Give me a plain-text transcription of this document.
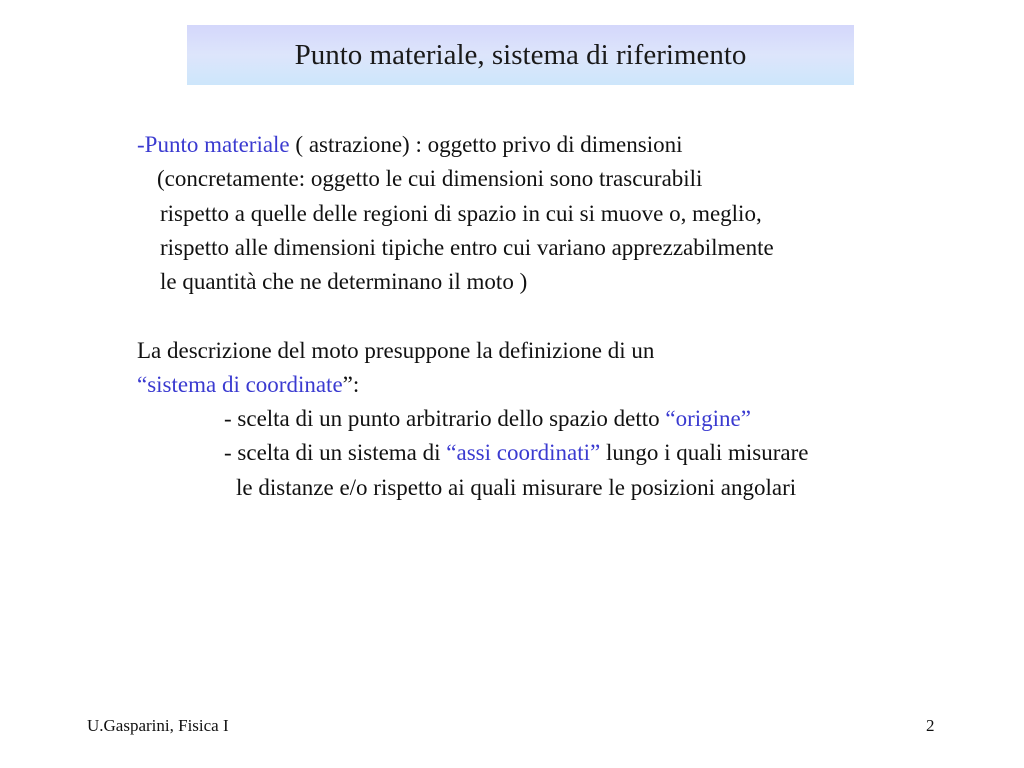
Punto materiale, sistema di riferimento
-Punto materiale ( astrazione) : oggetto privo di dimensioni
(concretamente: oggetto le cui dimensioni sono trascurabili
rispetto a quelle delle regioni di spazio in cui si muove o, meglio,
rispetto alle dimensioni tipiche entro cui variano apprezzabilmente
le quantità che ne determinano il moto )
La descrizione del moto presuppone la definizione di un
“sistema di coordinate”:
- scelta di un punto arbitrario dello spazio detto “origine”
- scelta di un sistema di “assi coordinati” lungo i quali misurare
le distanze e/o rispetto ai quali misurare le posizioni angolari
U.Gasparini, Fisica I	2
